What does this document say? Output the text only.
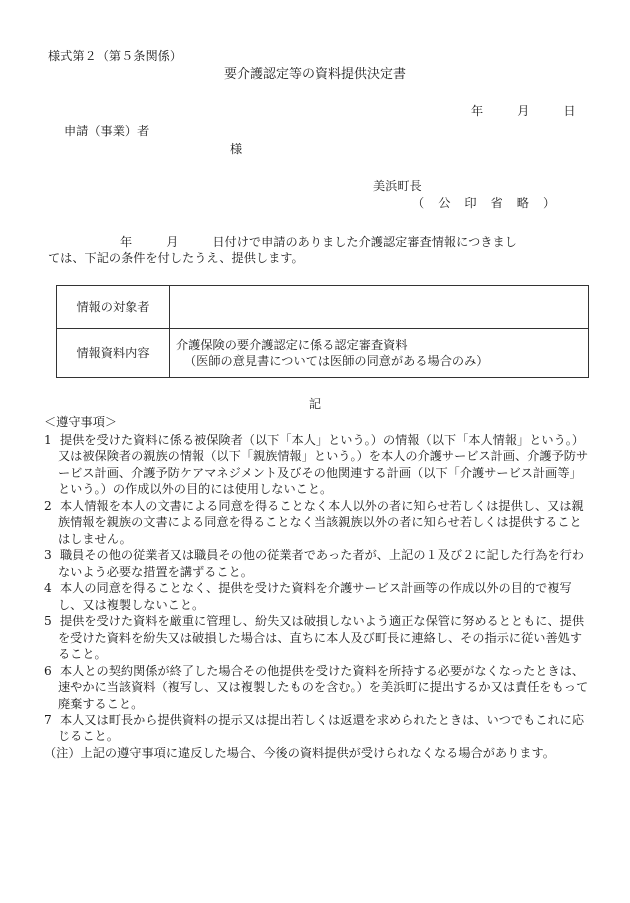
様式第２（第５条関係）
要介護認定等の資料提供決定書
年	月	日
申請（事業）者
様
美浜町長
（ 公 印 省 略 ）
年	月	日付けで申請のありました介護認定審査情報につきまし
ては、下記の条件を付したうえ、提供します。
情報の対象者	
情報資料内容	介護保険の要介護認定に係る認定審査資料
（医師の意見書については医師の同意がある場合のみ）
記
＜遵守事項＞

1 提供を受けた資料に係る被保険者（以下「本人」という。）の情報（以下「本人情報」という。）又は被保険者の親族の情報（以下「親族情報」という。）を本人の介護サービス計画、介護予防サービス計画、介護予防ケアマネジメント及びその他関連する計画（以下「介護サービス計画等」という。）の作成以外の目的には使用しないこと。

2 本人情報を本人の文書による同意を得ることなく本人以外の者に知らせ若しくは提供し、又は親族情報を親族の文書による同意を得ることなく当該親族以外の者に知らせ若しくは提供することはしません。

3 職員その他の従業者又は職員その他の従業者であった者が、上記の１及び２に記した行為を行わないよう必要な措置を講ずること。

4 本人の同意を得ることなく、提供を受けた資料を介護サービス計画等の作成以外の目的で複写し、又は複製しないこと。

5 提供を受けた資料を厳重に管理し、紛失又は破損しないよう適正な保管に努めるとともに、提供を受けた資料を紛失又は破損した場合は、直ちに本人及び町長に連絡し、その指示に従い善処すること。

6 本人との契約関係が終了した場合その他提供を受けた資料を所持する必要がなくなったときは、速やかに当該資料（複写し、又は複製したものを含む。）を美浜町に提出するか又は責任をもって廃棄すること。

7 本人又は町長から提供資料の提示又は提出若しくは返還を求められたときは、いつでもこれに応じること。

（注）上記の遵守事項に違反した場合、今後の資料提供が受けられなくなる場合があります。
